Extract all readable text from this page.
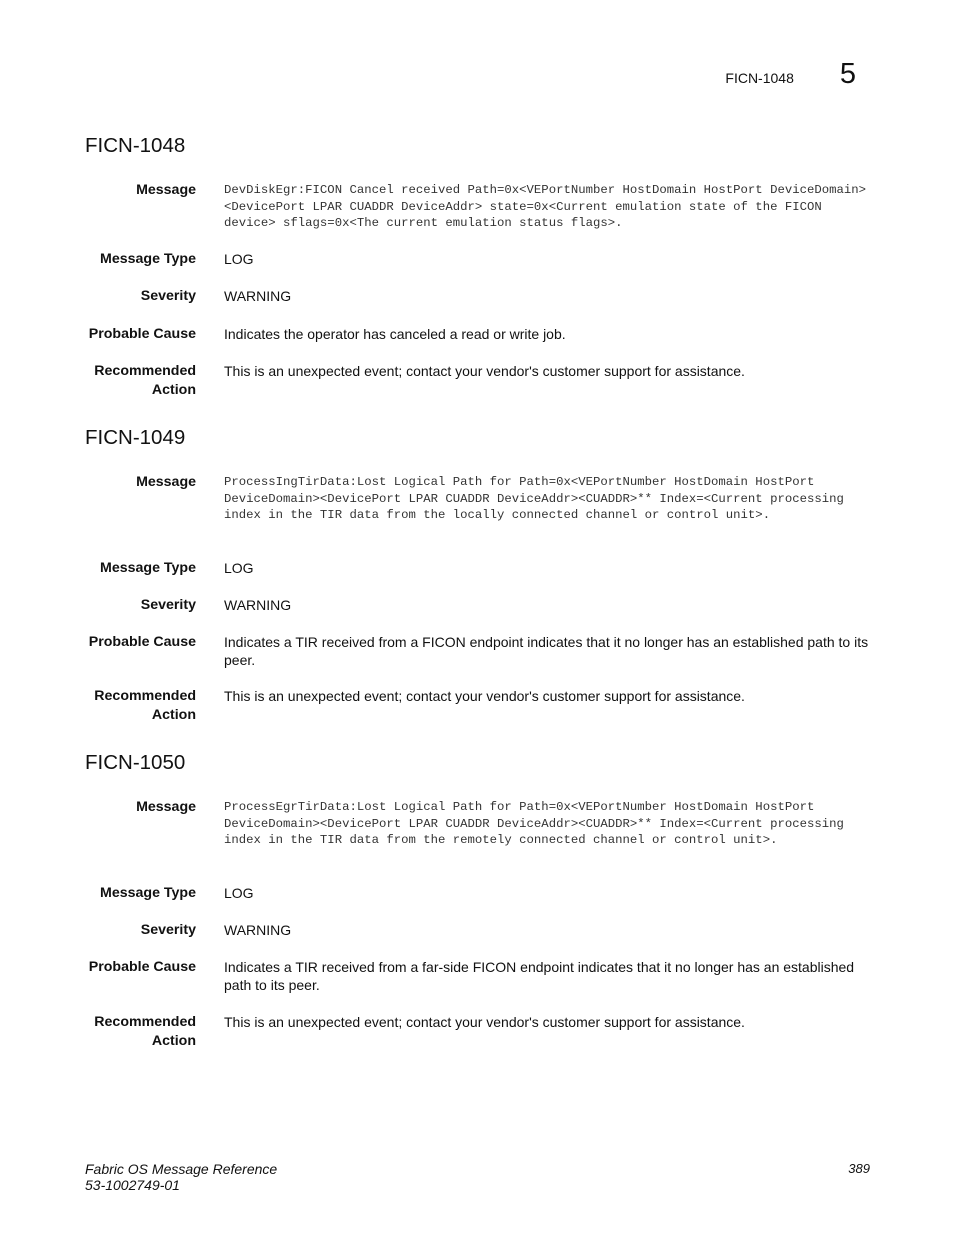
FICN-1048 5
FICN-1048
Message DevDiskEgr:FICON Cancel received Path=0x<VEPortNumber HostDomain HostPort DeviceDomain><DevicePort LPAR CUADDR DeviceAddr> state=0x<Current emulation state of the FICON device> sflags=0x<The current emulation status flags>.
Message Type LOG
Severity WARNING
Probable Cause Indicates the operator has canceled a read or write job.
Recommended
Action
This is an unexpected event; contact your vendor's customer support for assistance.
FICN-1049
Message ProcessIngTirData:Lost Logical Path for Path=0x<VEPortNumber HostDomain HostPort DeviceDomain><DevicePort LPAR CUADDR DeviceAddr><CUADDR>** Index=<Current processing index in the TIR data from the locally connected channel or control unit>.
Message Type LOG
Severity WARNING
Probable Cause Indicates a TIR received from a FICON endpoint indicates that it no longer has an established path to its peer.
Recommended
Action
This is an unexpected event; contact your vendor's customer support for assistance.
FICN-1050
Message ProcessEgrTirData:Lost Logical Path for Path=0x<VEPortNumber HostDomain HostPort DeviceDomain><DevicePort LPAR CUADDR DeviceAddr><CUADDR>** Index=<Current processing index in the TIR data from the remotely connected channel or control unit>.
Message Type LOG
Severity WARNING
Probable Cause Indicates a TIR received from a far-side FICON endpoint indicates that it no longer has an established path to its peer.
Recommended
Action
This is an unexpected event; contact your vendor's customer support for assistance.
Fabric OS Message Reference
53-1002749-01
389
